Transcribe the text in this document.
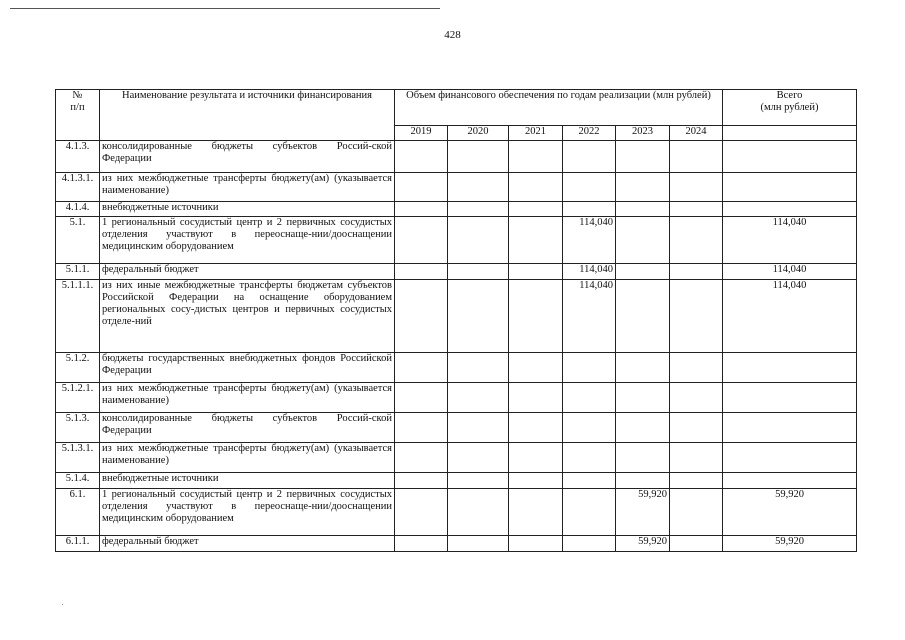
428
№
п/п	Наименование результата и источники финансирования	Объем финансового обеспечения по годам реализации (млн рублей)						Всего
(млн рублей)
		2019	2020	2021	2022	2023	2024	
4.1.3.	консолидированные бюджеты субъектов Россий-ской Федерации							
4.1.3.1.	из них межбюджетные трансферты бюджету(ам) (указывается наименование)							
4.1.4.	внебюджетные источники							
5.1.	1 региональный сосудистый центр и 2 первичных сосудистых отделения участвуют в переоснаще-нии/дооснащении медицинским оборудованием				114,040			114,040
5.1.1.	федеральный бюджет				114,040			114,040
5.1.1.1.	из них иные межбюджетные трансферты бюджетам субъектов Российской Федерации на оснащение оборудованием региональных сосу-дистых центров и первичных сосудистых отделе-ний				114,040			114,040
5.1.2.	бюджеты государственных внебюджетных фондов Российской Федерации							
5.1.2.1.	из них межбюджетные трансферты бюджету(ам) (указывается наименование)							
5.1.3.	консолидированные бюджеты субъектов Россий-ской Федерации							
5.1.3.1.	из них межбюджетные трансферты бюджету(ам) (указывается наименование)							
5.1.4.	внебюджетные источники							
6.1.	1 региональный сосудистый центр и 2 первичных сосудистых отделения участвуют в переоснаще-нии/дооснащении медицинским оборудованием					59,920		59,920
6.1.1.	федеральный бюджет					59,920		59,920
